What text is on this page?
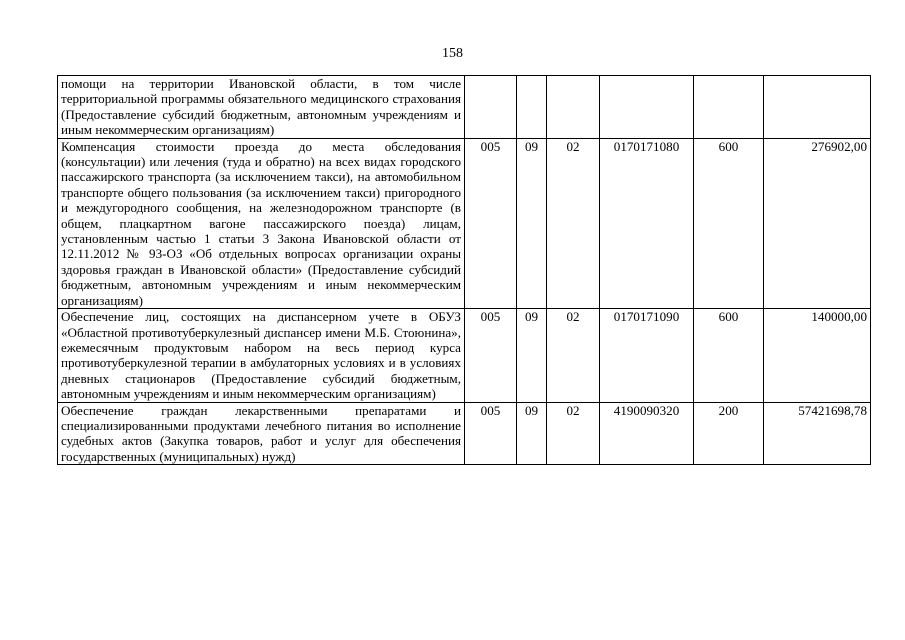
158
помощи на территории Ивановской области, в том числе территориальной программы обязательного медицинского страхования (Предоставление субсидий бюджетным, автономным учреждениям и иным некоммерческим организациям)						
Компенсация стоимости проезда до места обследования (консультации) или лечения (туда и обратно) на всех видах городского пассажирского транспорта (за исключением такси), на автомобильном транспорте общего пользования (за исключением такси) пригородного и междугородного сообщения, на железнодорожном транспорте (в общем, плацкартном вагоне пассажирского поезда) лицам, установленным частью 1 статьи 3 Закона Ивановской области от 12.11.2012 № 93-ОЗ «Об отдельных вопросах организации охраны здоровья граждан в Ивановской области» (Предоставление субсидий бюджетным, автономным учреждениям и иным некоммерческим организациям)	005	09	02	0170171080	600	276902,00
Обеспечение лиц, состоящих на диспансерном учете в ОБУЗ «Областной противотуберкулезный диспансер имени М.Б. Стоюнина», ежемесячным продуктовым набором на весь период курса противотуберкулезной терапии в амбулаторных условиях и в условиях дневных стационаров (Предоставление субсидий бюджетным, автономным учреждениям и иным некоммерческим организациям)	005	09	02	0170171090	600	140000,00
Обеспечение граждан лекарственными препаратами и специализированными продуктами лечебного питания во исполнение судебных актов (Закупка товаров, работ и услуг для обеспечения государственных (муниципальных) нужд)	005	09	02	4190090320	200	57421698,78
